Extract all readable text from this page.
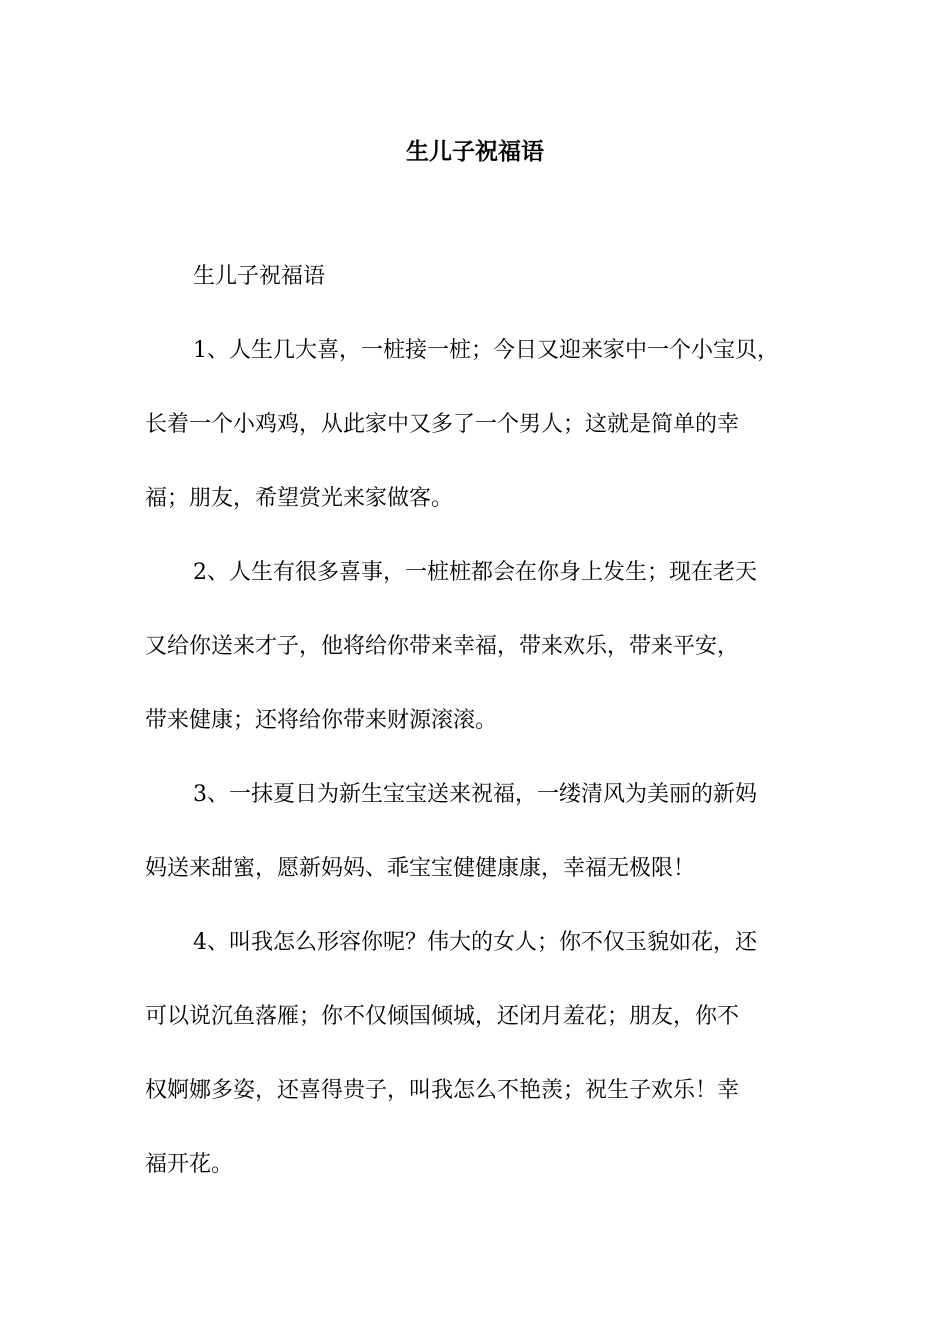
生儿子祝福语
生儿子祝福语
1、人生几大喜，一桩接一桩；今日又迎来家中一个小宝贝，
长着一个小鸡鸡，从此家中又多了一个男人；这就是简单的幸
福；朋友，希望赏光来家做客。
2、人生有很多喜事，一桩桩都会在你身上发生；现在老天
又给你送来才子，他将给你带来幸福，带来欢乐，带来平安，
带来健康；还将给你带来财源滚滚。
3、一抹夏日为新生宝宝送来祝福，一缕清风为美丽的新妈
妈送来甜蜜，愿新妈妈、乖宝宝健健康康，幸福无极限！
4、叫我怎么形容你呢？伟大的女人；你不仅玉貌如花，还
可以说沉鱼落雁；你不仅倾国倾城，还闭月羞花；朋友，你不
权婀娜多姿，还喜得贵子，叫我怎么不艳羡；祝生子欢乐！幸
福开花。
